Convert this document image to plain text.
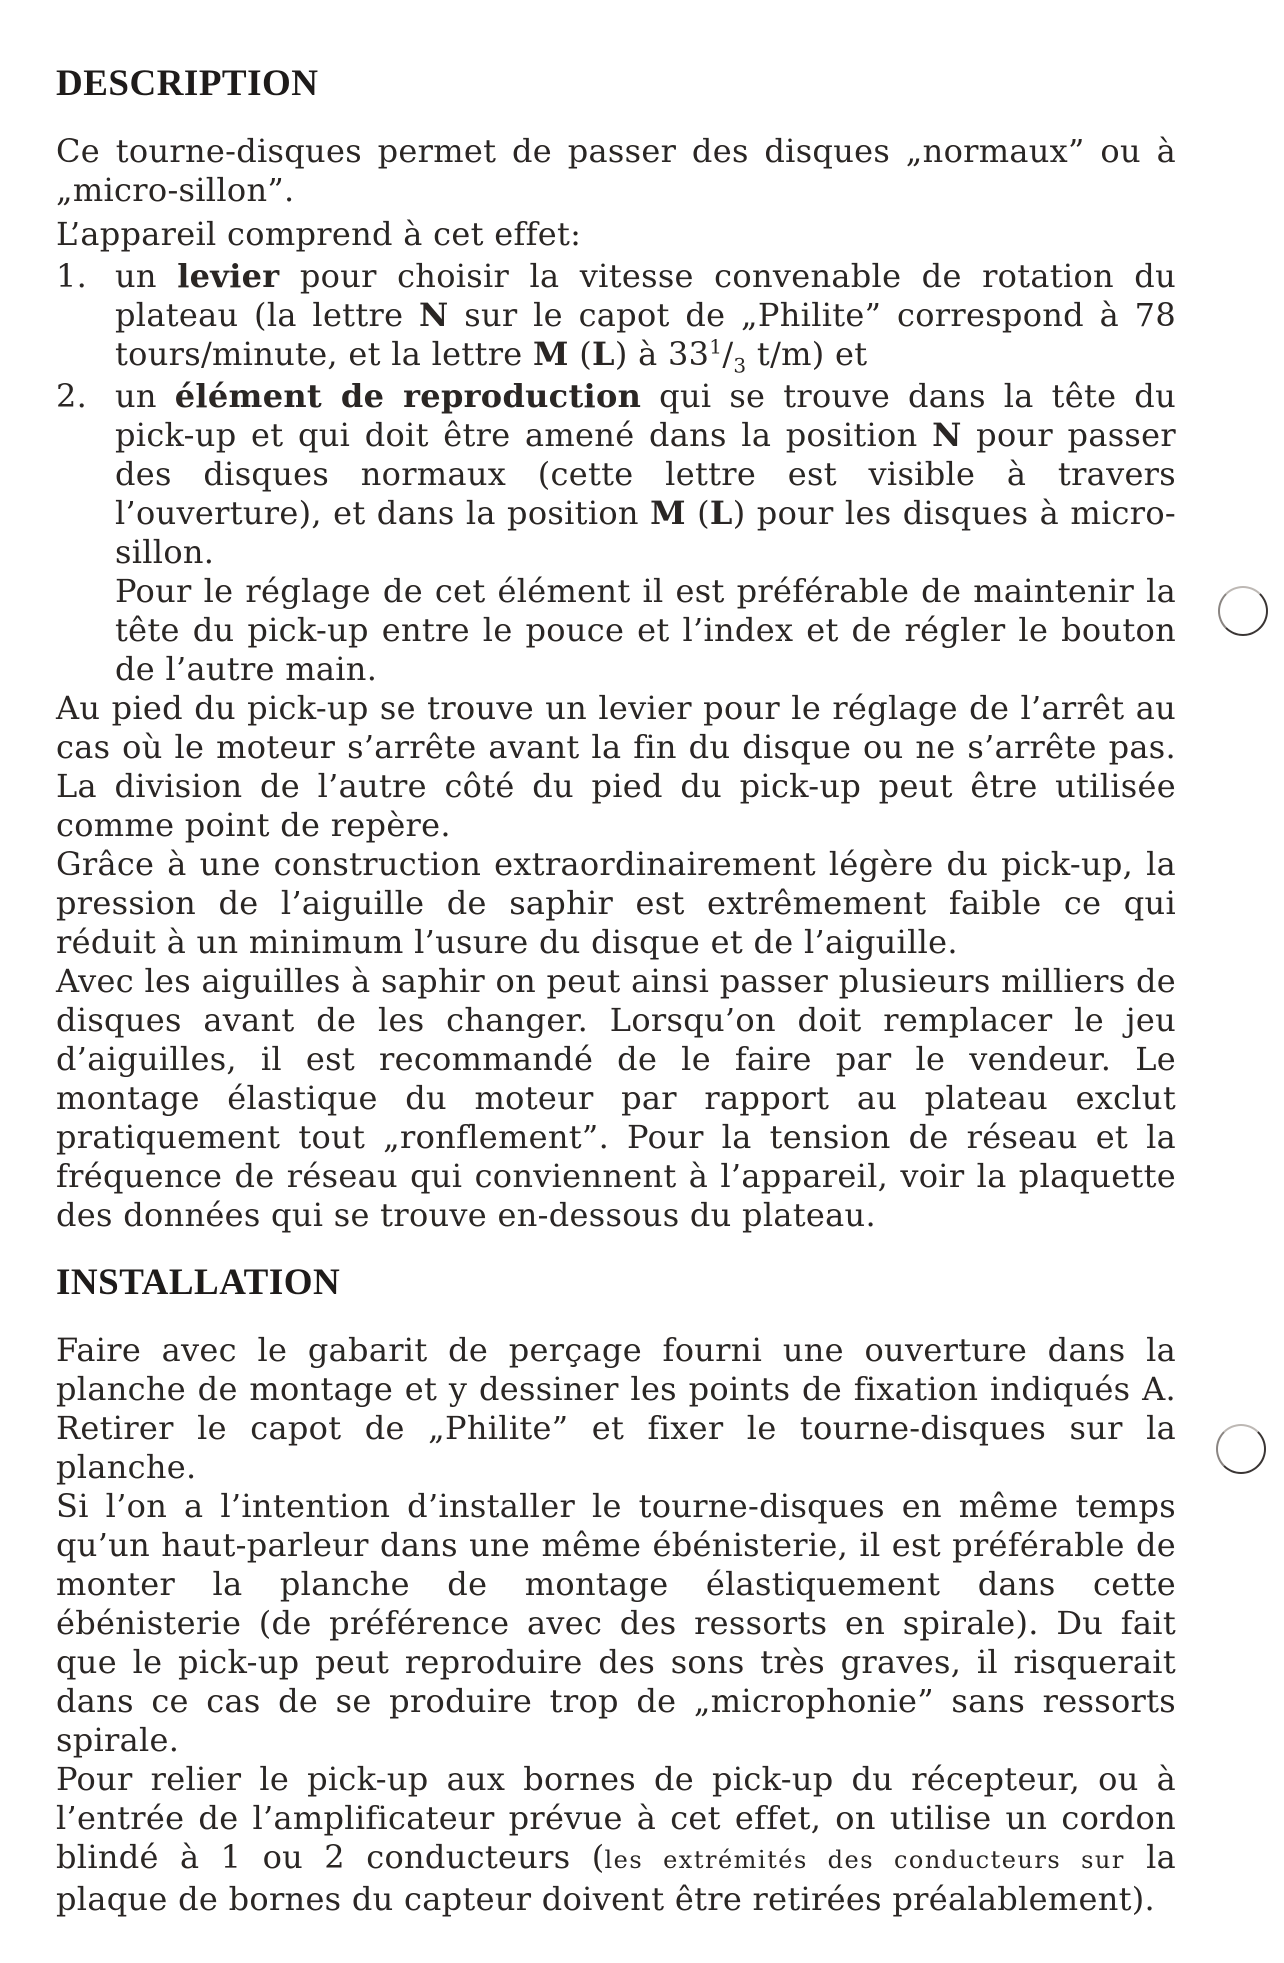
DESCRIPTION

Ce tourne-disques permet de passer des disques „normaux” ou à „micro-sillon”.

L’appareil comprend à cet effet:

1. un levier pour choisir la vitesse convenable de rotation du plateau (la lettre N sur le capot de „Philite” correspond à 78 tours/minute, et la lettre M (L) à $33^1/_3$ t/m) et
2. un élément de reproduction qui se trouve dans la tête du pick-up et qui doit être amené dans la position N pour passer des disques normaux (cette lettre est visible à travers l’ouverture), et dans la position M (L) pour les disques à micro-sillon.
Pour le réglage de cet élément il est préférable de maintenir la tête du pick-up entre le pouce et l’index et de régler le bouton de l’autre main.

Au pied du pick-up se trouve un levier pour le réglage de l’arrêt au cas où le moteur s’arrête avant la fin du disque ou ne s’arrête pas. La division de l’autre côté du pied du pick-up peut être utilisée comme point de repère.

Grâce à une construction extraordinairement légère du pick-up, la pression de l’aiguille de saphir est extrêmement faible ce qui réduit à un minimum l’usure du disque et de l’aiguille.

Avec les aiguilles à saphir on peut ainsi passer plusieurs milliers de disques avant de les changer. Lorsqu’on doit remplacer le jeu d’aiguilles, il est recommandé de le faire par le vendeur. Le montage élastique du moteur par rapport au plateau exclut pratiquement tout „ronflement”. Pour la tension de réseau et la fréquence de réseau qui conviennent à l’appareil, voir la plaquette des données qui se trouve en-dessous du plateau.

INSTALLATION

Faire avec le gabarit de perçage fourni une ouverture dans la planche de montage et y dessiner les points de fixation indiqués A. Retirer le capot de „Philite” et fixer le tourne-disques sur la planche.

Si l’on a l’intention d’installer le tourne-disques en même temps qu’un haut-parleur dans une même ébénisterie, il est préférable de monter la planche de montage élastiquement dans cette ébénisterie (de préférence avec des ressorts en spirale). Du fait que le pick-up peut reproduire des sons très graves, il risquerait dans ce cas de se produire trop de „microphonie” sans ressorts spirale.

Pour relier le pick-up aux bornes de pick-up du récepteur, ou à l’entrée de l’amplificateur prévue à cet effet, on utilise un cordon blindé à 1 ou 2 conducteurs (les extrémités des conducteurs sur la plaque de bornes du capteur doivent être retirées préalablement).
